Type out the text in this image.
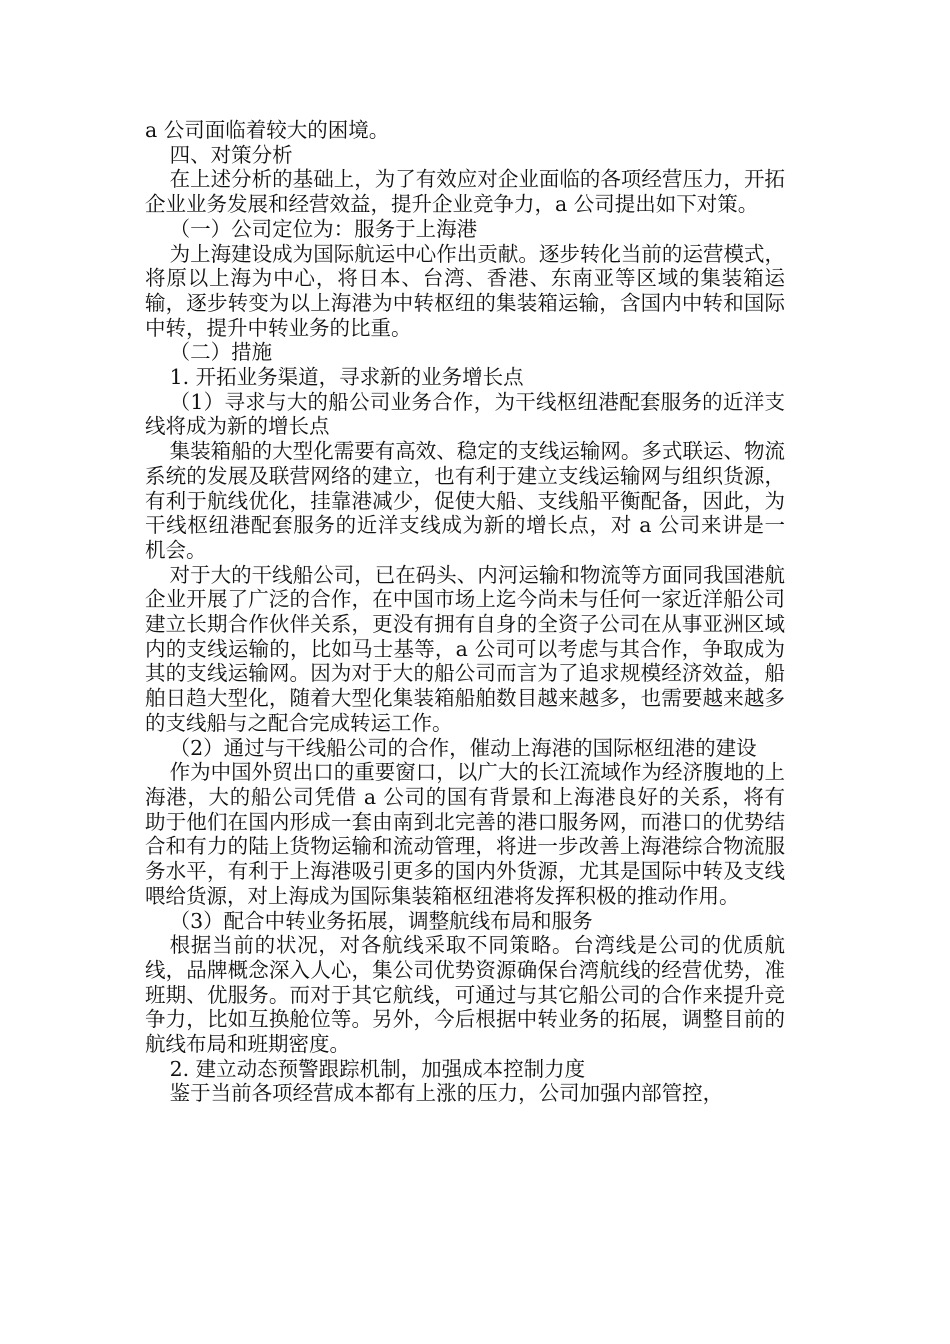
a 公司面临着较大的困境。

四、对策分析

在上述分析的基础上，为了有效应对企业面临的各项经营压力，开拓企业业务发展和经营效益，提升企业竞争力，a 公司提出如下对策。

（一）公司定位为：服务于上海港

为上海建设成为国际航运中心作出贡献。逐步转化当前的运营模式，将原以上海为中心，将日本、台湾、香港、东南亚等区域的集装箱运输，逐步转变为以上海港为中转枢纽的集装箱运输，含国内中转和国际中转，提升中转业务的比重。

（二）措施

1. 开拓业务渠道，寻求新的业务增长点

（1）寻求与大的船公司业务合作，为干线枢纽港配套服务的近洋支线将成为新的增长点

集装箱船的大型化需要有高效、稳定的支线运输网。多式联运、物流系统的发展及联营网络的建立，也有利于建立支线运输网与组织货源，有利于航线优化，挂靠港减少，促使大船、支线船平衡配备，因此，为干线枢纽港配套服务的近洋支线成为新的增长点，对 a 公司来讲是一机会。

对于大的干线船公司，已在码头、内河运输和物流等方面同我国港航企业开展了广泛的合作，在中国市场上迄今尚未与任何一家近洋船公司建立长期合作伙伴关系，更没有拥有自身的全资子公司在从事亚洲区域内的支线运输的，比如马士基等，a 公司可以考虑与其合作，争取成为其的支线运输网。因为对于大的船公司而言为了追求规模经济效益，船舶日趋大型化，随着大型化集装箱船舶数目越来越多，也需要越来越多的支线船与之配合完成转运工作。

（2）通过与干线船公司的合作，催动上海港的国际枢纽港的建设

作为中国外贸出口的重要窗口，以广大的长江流域作为经济腹地的上海港，大的船公司凭借 a 公司的国有背景和上海港良好的关系，将有助于他们在国内形成一套由南到北完善的港口服务网，而港口的优势结合和有力的陆上货物运输和流动管理，将进一步改善上海港综合物流服务水平，有利于上海港吸引更多的国内外货源，尤其是国际中转及支线喂给货源，对上海成为国际集装箱枢纽港将发挥积极的推动作用。

（3）配合中转业务拓展，调整航线布局和服务

根据当前的状况，对各航线采取不同策略。台湾线是公司的优质航线，品牌概念深入人心，集公司优势资源确保台湾航线的经营优势，准班期、优服务。而对于其它航线，可通过与其它船公司的合作来提升竞争力，比如互换舱位等。另外，今后根据中转业务的拓展，调整目前的航线布局和班期密度。

2. 建立动态预警跟踪机制，加强成本控制力度

鉴于当前各项经营成本都有上涨的压力，公司加强内部管控，
